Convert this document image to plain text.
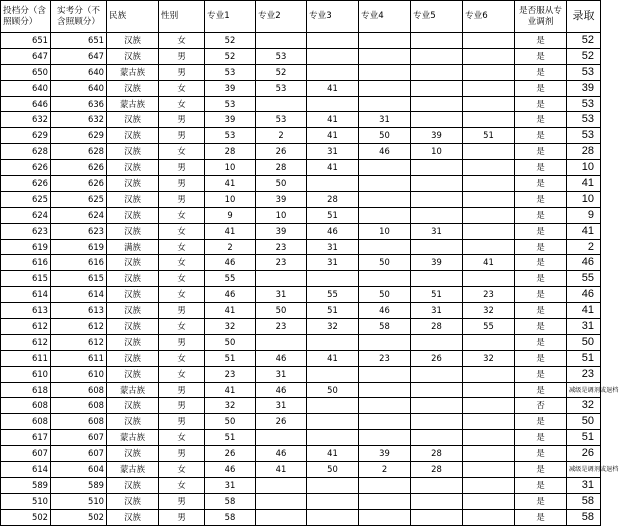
投档分（含照顾分）	实考分（不含照顾分）	民族	性别	专业1	专业2	专业3	专业4	专业5	专业6	是否服从专业调剂	录取
651	651	汉族	女	52						是	52
647	647	汉族	男	52	53					是	52
650	640	蒙古族	男	53	52					是	53
640	640	汉族	女	39	53	41				是	39
646	636	蒙古族	女	53						是	53
632	632	汉族	男	39	53	41	31			是	53
629	629	汉族	男	53	2	41	50	39	51	是	53
628	628	汉族	女	28	26	31	46	10		是	28
626	626	汉族	男	10	28	41				是	10
626	626	汉族	男	41	50					是	41
625	625	汉族	男	10	39	28				是	10
624	624	汉族	女	9	10	51				是	9
623	623	汉族	女	41	39	46	10	31		是	41
619	619	满族	女	2	23	31				是	2
616	616	汉族	女	46	23	31	50	39	41	是	46
615	615	汉族	女	55						是	55
614	614	汉族	女	46	31	55	50	51	23	是	46
613	613	汉族	男	41	50	51	46	31	32	是	41
612	612	汉族	女	32	23	32	58	28	55	是	31
612	612	汉族	男	50						是	50
611	611	汉族	女	51	46	41	23	26	32	是	51
610	610	汉族	女	23	31					是	23
618	608	蒙古族	男	41	46	50				是	减级是调剂或退档
608	608	汉族	男	32	31					否	32
608	608	汉族	男	50	26					是	50
617	607	蒙古族	女	51						是	51
607	607	汉族	男	26	46	41	39	28		是	26
614	604	蒙古族	女	46	41	50	2	28		是	减级是调剂或退档
589	589	汉族	女	31						是	31
510	510	汉族	男	58						是	58
502	502	汉族	男	58						是	58
